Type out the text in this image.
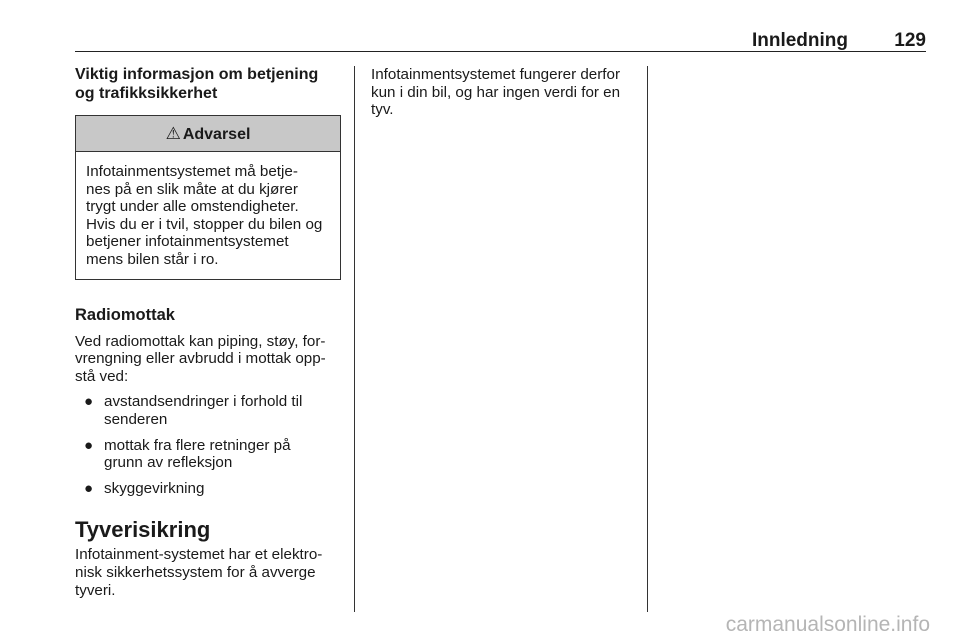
Innledning	129
Viktig informasjon om betjening
og trafikksikkerhet
⚠ Advarsel
Infotainmentsystemet må betje-
nes på en slik måte at du kjører
trygt under alle omstendigheter.
Hvis du er i tvil, stopper du bilen og
betjener infotainmentsystemet
mens bilen står i ro.
Radiomottak
Ved radiomottak kan piping, støy, for-
vrengning eller avbrudd i mottak opp-
stå ved:
● avstandsendringer i forhold til
senderen
● mottak fra flere retninger på
grunn av refleksjon
● skyggevirkning
Tyverisikring
Infotainment-systemet har et elektro-
nisk sikkerhetssystem for å avverge
tyveri.
Infotainmentsystemet fungerer derfor
kun i din bil, og har ingen verdi for en
tyv.
carmanualsonline.info
